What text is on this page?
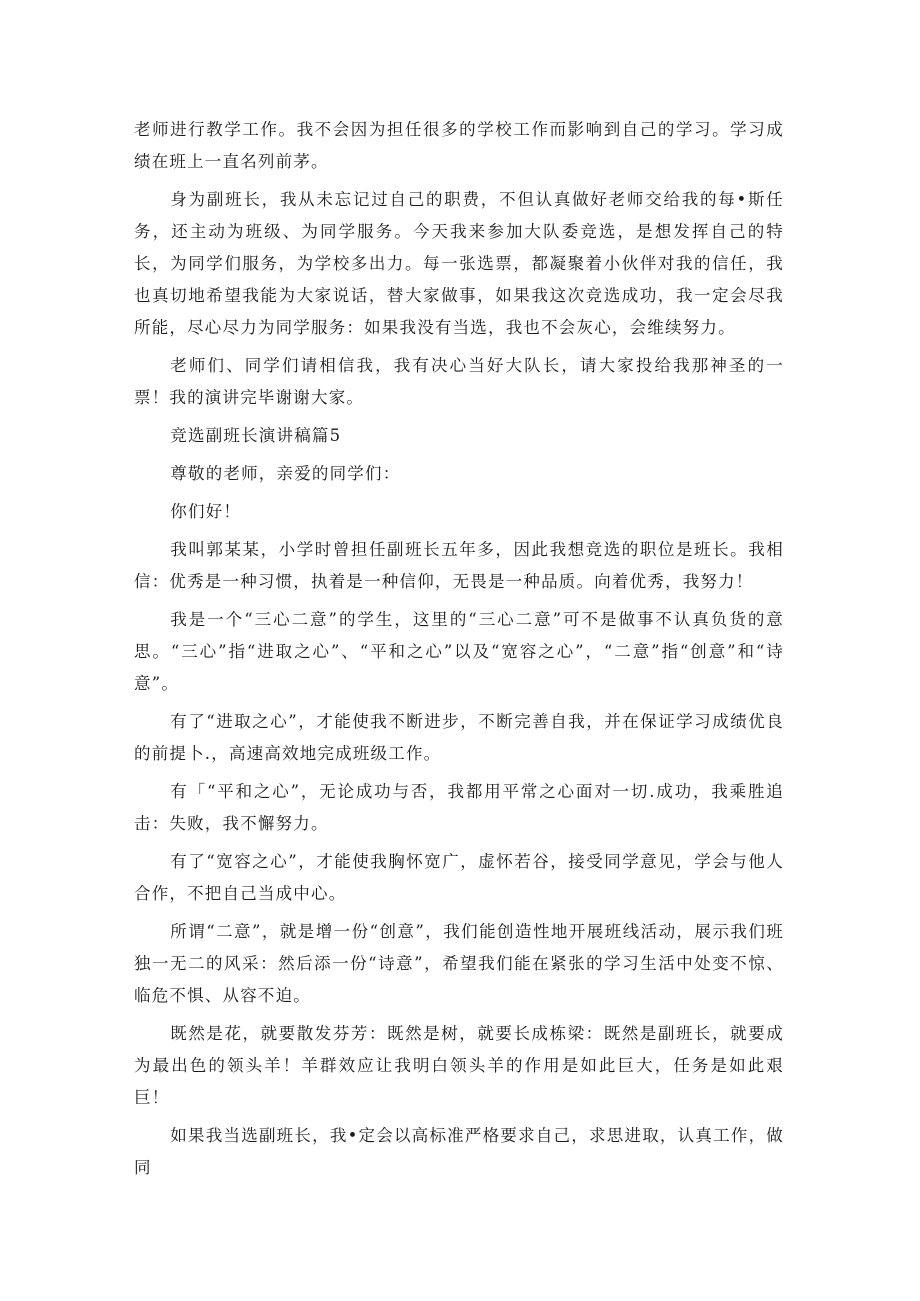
老师进行教学工作。我不会因为担任很多的学校工作而影响到自己的学习。学习成绩在班上一直名列前茅。

身为副班长，我从未忘记过自己的职费，不但认真做好老师交给我的每•斯任务，还主动为班级、为同学服务。今天我来参加大队委竞选，是想发挥自己的特长，为同学们服务，为学校多出力。每一张选票，都凝聚着小伙伴对我的信任，我也真切地希望我能为大家说话，替大家做事，如果我这次竞选成功，我一定会尽我所能，尽心尽力为同学服务：如果我没有当选，我也不会灰心，会维续努力。

老师们、同学们请相信我，我有决心当好大队长，请大家投给我那神圣的一票！我的演讲完毕谢谢大家。

竞选副班长演讲稿篇5

尊敬的老师，亲爱的同学们：

你们好！

我叫郭某某，小学时曾担任副班长五年多，因此我想竞选的职位是班长。我相信：优秀是一种习惯，执着是一种信仰，无畏是一种品质。向着优秀，我努力！

我是一个“三心二意”的学生，这里的“三心二意”可不是做事不认真负货的意思。“三心”指“进取之心”、“平和之心”以及“宽容之心”，“二意”指“创意”和“诗意”。

有了“进取之心”，才能使我不断进步，不断完善自我，并在保证学习成绩优良的前提卜.，高速高效地完成班级工作。

有「“平和之心”，无论成功与否，我都用平常之心面对一切.成功，我乘胜追击：失败，我不懈努力。

有了“宽容之心”，才能使我胸怀宽广，虚怀若谷，接受同学意见，学会与他人合作，不把自己当成中心。

所谓“二意”，就是增一份“创意”，我们能创造性地开展班线活动，展示我们班独一无二的风采：然后添一份“诗意”，希望我们能在紧张的学习生活中处变不惊、临危不惧、从容不迫。

既然是花，就要散发芬芳：既然是树，就要长成栋梁：既然是副班长，就要成为最出色的领头羊！羊群效应让我明白领头羊的作用是如此巨大，任务是如此艰巨！

如果我当选副班长，我•定会以高标准严格要求自己，求思进取，认真工作，做同
